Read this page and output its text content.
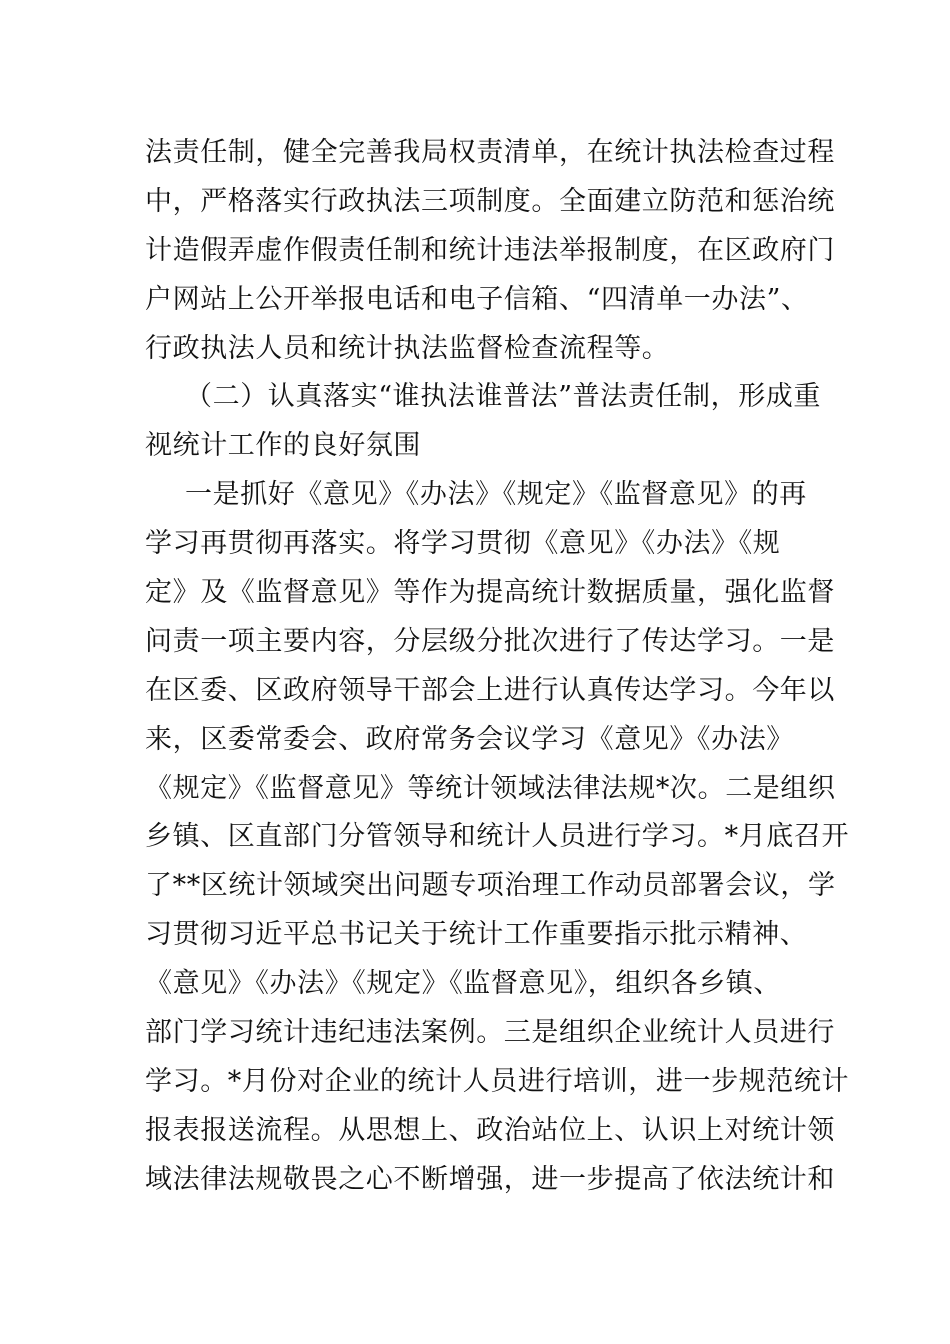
法责任制，健全完善我局权责清单，在统计执法检查过程
中，严格落实行政执法三项制度。全面建立防范和惩治统
计造假弄虚作假责任制和统计违法举报制度，在区政府门
户网站上公开举报电话和电子信箱、“四清单一办法”、
行政执法人员和统计执法监督检查流程等。
（二）认真落实“谁执法谁普法”普法责任制，形成重
视统计工作的良好氛围
一是抓好《意见》《办法》《规定》《监督意见》的再
学习再贯彻再落实。将学习贯彻《意见》《办法》《规
定》及《监督意见》等作为提高统计数据质量，强化监督
问责一项主要内容，分层级分批次进行了传达学习。一是
在区委、区政府领导干部会上进行认真传达学习。今年以
来，区委常委会、政府常务会议学习《意见》《办法》
《规定》《监督意见》等统计领域法律法规*次。二是组织
乡镇、区直部门分管领导和统计人员进行学习。*月底召开
了**区统计领域突出问题专项治理工作动员部署会议，学
习贯彻习近平总书记关于统计工作重要指示批示精神、
《意见》《办法》《规定》《监督意见》，组织各乡镇、
部门学习统计违纪违法案例。三是组织企业统计人员进行
学习。*月份对企业的统计人员进行培训，进一步规范统计
报表报送流程。从思想上、政治站位上、认识上对统计领
域法律法规敬畏之心不断增强，进一步提高了依法统计和
